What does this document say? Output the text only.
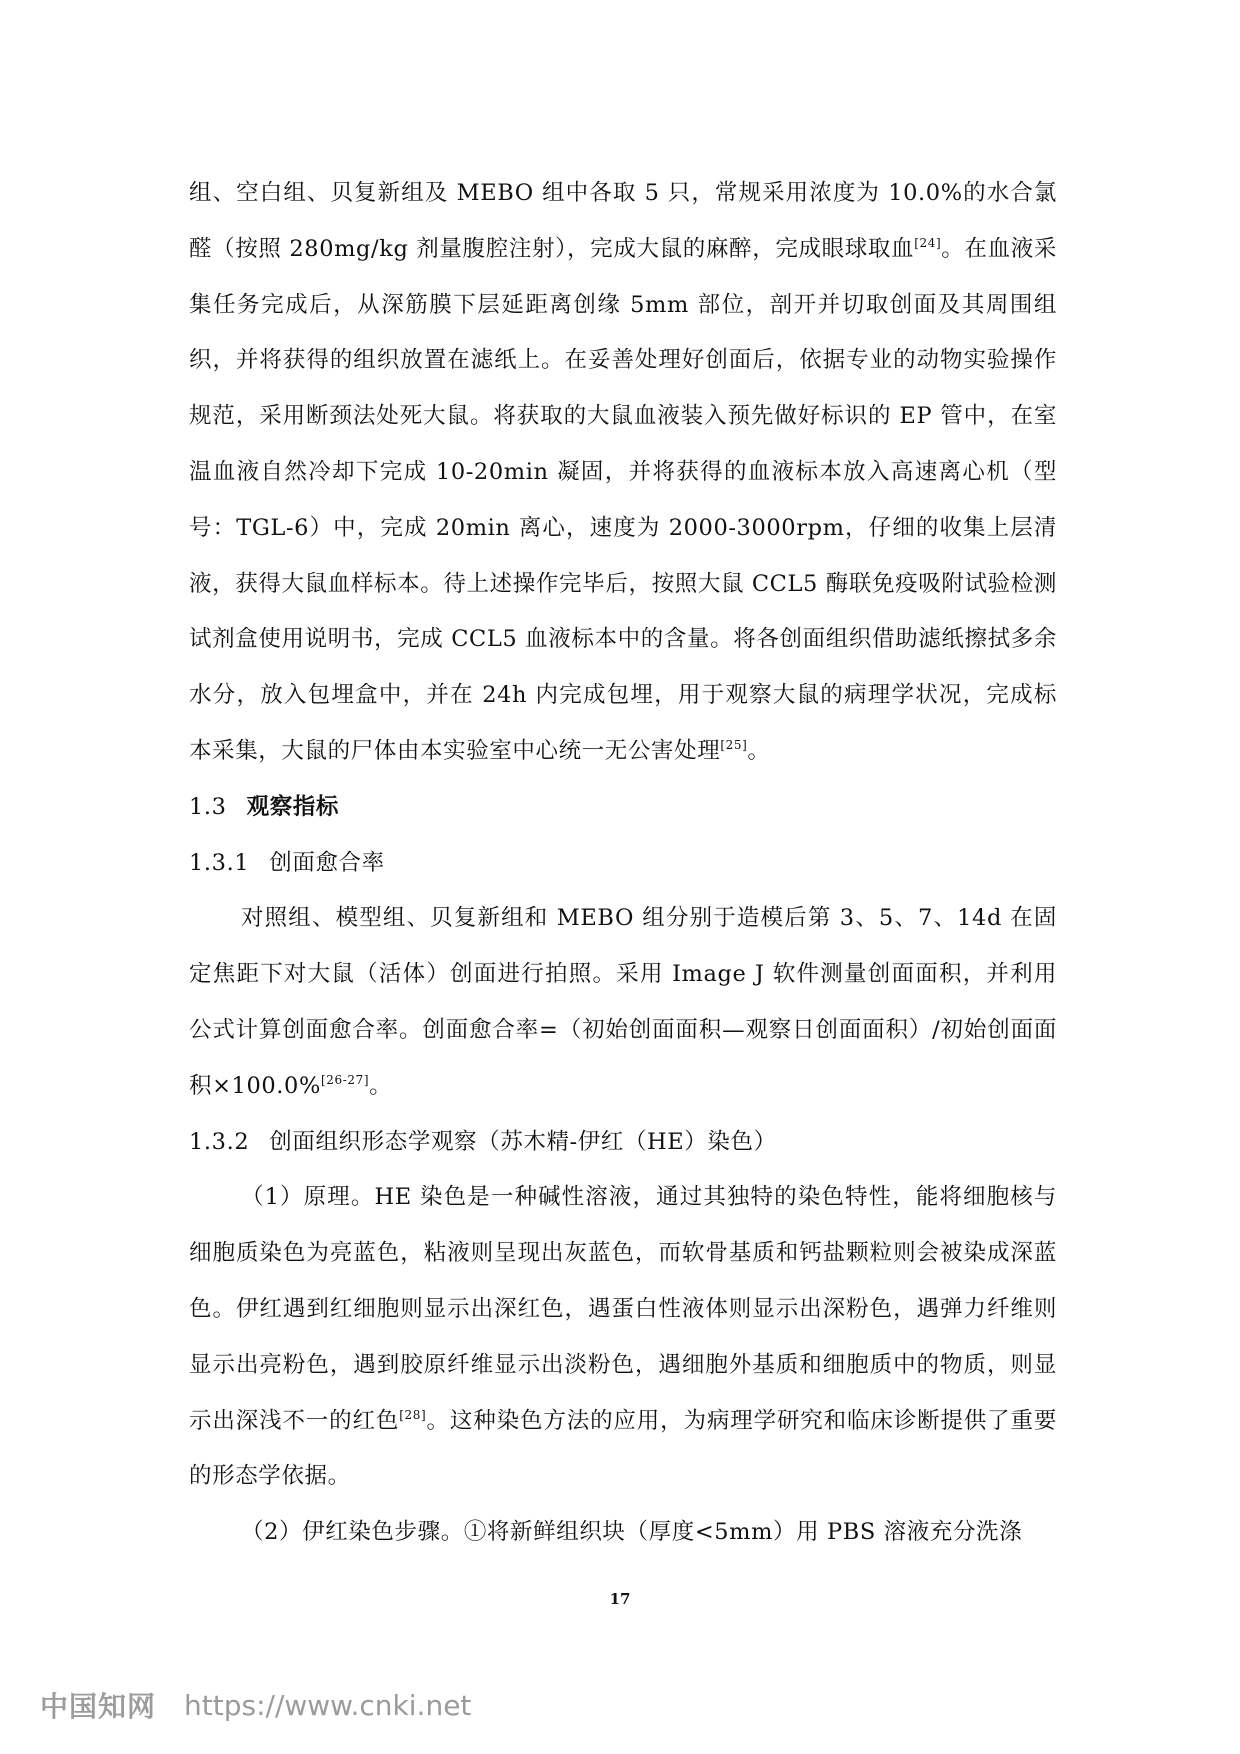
组、空白组、贝复新组及 MEBO 组中各取 5 只，常规采用浓度为 10.0%的水合氯醛（按照 280mg/kg 剂量腹腔注射），完成大鼠的麻醉，完成眼球取血[24]。在血液采集任务完成后，从深筋膜下层延距离创缘 5mm 部位，剖开并切取创面及其周围组织，并将获得的组织放置在滤纸上。在妥善处理好创面后，依据专业的动物实验操作规范，采用断颈法处死大鼠。将获取的大鼠血液装入预先做好标识的 EP 管中，在室温血液自然冷却下完成 10-20min 凝固，并将获得的血液标本放入高速离心机（型号：TGL-6）中，完成 20min 离心，速度为 2000-3000rpm，仔细的收集上层清液，获得大鼠血样标本。待上述操作完毕后，按照大鼠 CCL5 酶联免疫吸附试验检测试剂盒使用说明书，完成 CCL5 血液标本中的含量。将各创面组织借助滤纸擦拭多余水分，放入包埋盒中，并在 24h 内完成包埋，用于观察大鼠的病理学状况，完成标本采集，大鼠的尸体由本实验室中心统一无公害处理[25]。

1.3 观察指标

1.3.1 创面愈合率

对照组、模型组、贝复新组和 MEBO 组分别于造模后第 3、5、7、14d 在固定焦距下对大鼠（活体）创面进行拍照。采用 Image J 软件测量创面面积，并利用公式计算创面愈合率。创面愈合率=（初始创面面积—观察日创面面积）/初始创面面积×100.0%[26-27]。

1.3.2 创面组织形态学观察（苏木精-伊红（HE）染色）

（1）原理。HE 染色是一种碱性溶液，通过其独特的染色特性，能将细胞核与细胞质染色为亮蓝色，粘液则呈现出灰蓝色，而软骨基质和钙盐颗粒则会被染成深蓝色。伊红遇到红细胞则显示出深红色，遇蛋白性液体则显示出深粉色，遇弹力纤维则显示出亮粉色，遇到胶原纤维显示出淡粉色，遇细胞外基质和细胞质中的物质，则显示出深浅不一的红色[28]。这种染色方法的应用，为病理学研究和临床诊断提供了重要的形态学依据。

（2）伊红染色步骤。①将新鲜组织块（厚度<5mm）用 PBS 溶液充分洗涤

17
中国知网 https://www.cnki.net
